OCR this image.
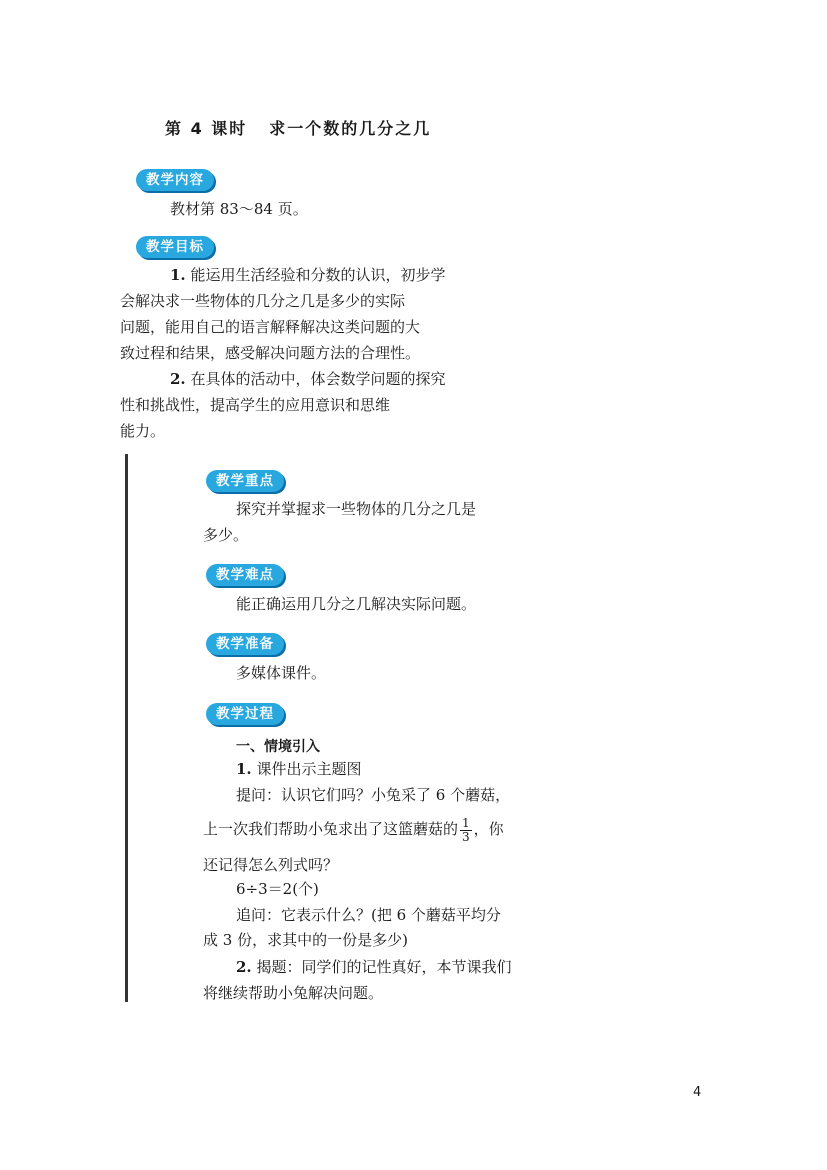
第 4 课时 求一个数的几分之几
教学内容
教材第 83～84 页。
教学目标
1. 能运用生活经验和分数的认识，初步学
会解决求一些物体的几分之几是多少的实际
问题，能用自己的语言解释解决这类问题的大
致过程和结果，感受解决问题方法的合理性。
2. 在具体的活动中，体会数学问题的探究
性和挑战性，提高学生的应用意识和思维
能力。
教学重点
探究并掌握求一些物体的几分之几是
多少。
教学难点
能正确运用几分之几解决实际问题。
教学准备
多媒体课件。
教学过程
一、情境引入
1. 课件出示主题图
提问：认识它们吗？小兔采了 6 个蘑菇，
上一次我们帮助小兔求出了这篮蘑菇的 $\frac{1}{3}$ ，你
还记得怎么列式吗？
6÷3＝2(个)
追问：它表示什么？(把 6 个蘑菇平均分
成 3 份，求其中的一份是多少)
2. 揭题：同学们的记性真好，本节课我们
将继续帮助小兔解决问题。
4
